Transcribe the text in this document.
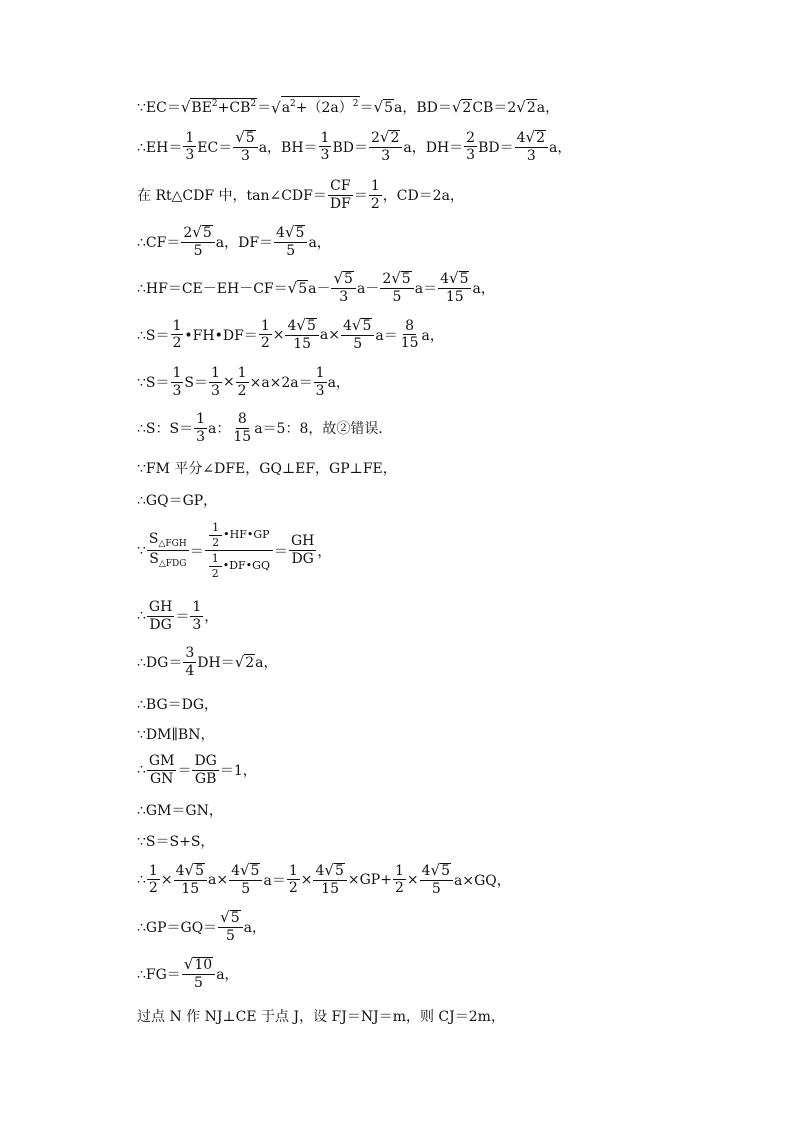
∵EC＝ √ $BE^2+CB^2$ ＝ √ $a^2+(2a)^2$ ＝ √ 5 a，BD＝ √ 2 CB＝2 √ 2 a，
∴EH＝ $\frac{1}{3} EC= \frac{√ 5}{3}$ a，$BH= \frac{1}{3} BD= \frac{2 √ 2}{3}$ a，$DH= \frac{2}{3} BD= \frac{4 √ 2}{3}$ a，
在 Rt△CDF 中，tan∠CDF＝ $\frac{CF}{DF} = \frac{1}{2}$ ，CD＝2a，
∴CF＝ $\frac{2 √ 5}{5}$ a，$DF= \frac{4 √ 5}{5}$ a，
∴HF＝CE－EH－CF＝ √ 5 $a- \frac{√ 5}{3} a- \frac{2 √ 5}{5} a= \frac{4 √ 5}{15}$ a，
∴S＝ $\frac{1}{2}$ •FH•DF＝ $\frac{1}{2} \times \frac{4 √ 5}{15} a\times \frac{4 √ 5}{5} a= \frac{8}{15}$ a，
∵S＝ $\frac{1}{3} S= \frac{1}{3} \times \frac{1}{2} \times a\times 2a= \frac{1}{3}$ a，
∴S：$S= \frac{1}{3}$ a： $\frac{8}{15} a=5$：8，故②错误．
∵FM 平分∠DFE，GQ⊥EF，GP⊥FE，
∴GQ＝GP，
∵ $\frac{S_{\triangle FGH}}{S_{\triangle FDG}} = \frac{\frac{1}{2} •HF•GP}{\frac{1}{2} •DF•GQ} = \frac{GH}{DG}$ ，
∴ $\frac{GH}{DG} = \frac{1}{3}$ ，
∴DG＝ $\frac{3}{4} DH=$ √ 2 a，
∴BG＝DG，
∵DM∥BN，
∴ $\frac{GM}{GN} = \frac{DG}{GB} =1$，
∴GM＝GN，
∵S＝S+S，
∴ $\frac{1}{2} \times \frac{4 √ 5}{15} a\times \frac{4 √ 5}{5} a= \frac{1}{2} \times \frac{4 √ 5}{15} \times GP+ \frac{1}{2} \times \frac{4 √ 5}{5} a\times GQ$，
∴GP＝GQ＝ $\frac{√ 5}{5}$ a，
∴FG＝ $\frac{√ 10}{5}$ a，
过点 N 作 NJ⊥CE 于点 J，设 FJ＝NJ＝m，则 CJ＝2m，
